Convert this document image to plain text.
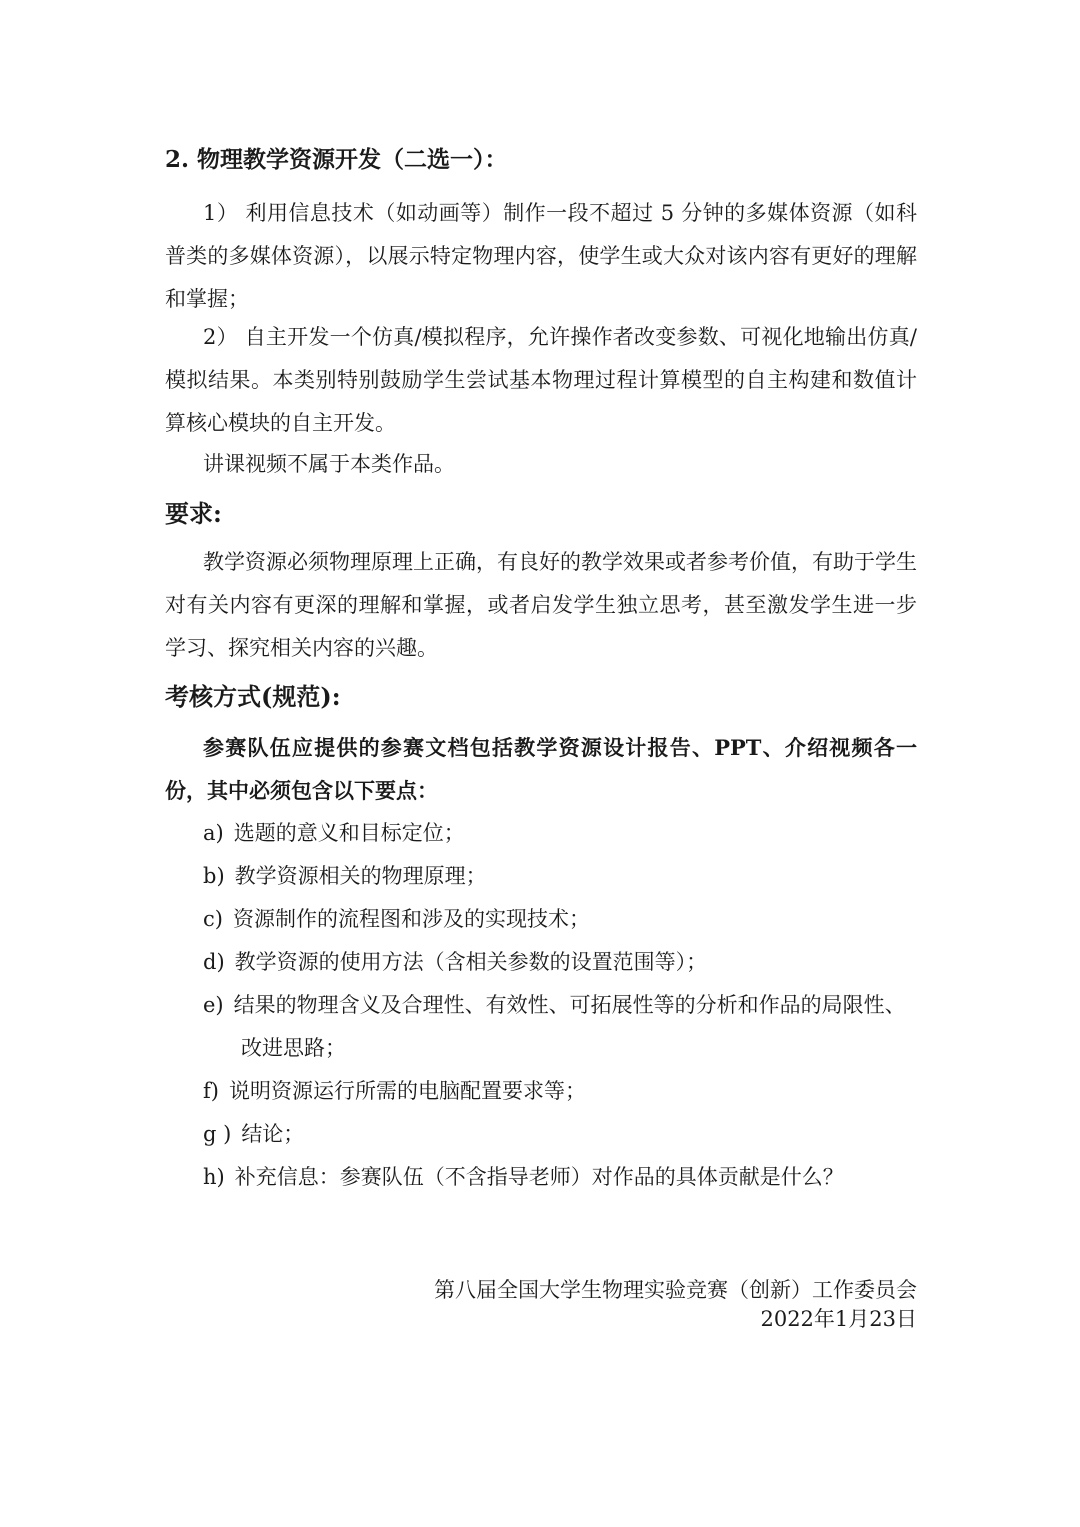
2. 物理教学资源开发（二选一）：

1） 利用信息技术（如动画等）制作一段不超过 5 分钟的多媒体资源（如科普类的多媒体资源），以展示特定物理内容，使学生或大众对该内容有更好的理解和掌握；

2） 自主开发一个仿真/模拟程序，允许操作者改变参数、可视化地输出仿真/模拟结果。本类别特别鼓励学生尝试基本物理过程计算模型的自主构建和数值计算核心模块的自主开发。

讲课视频不属于本类作品。

要求:

教学资源必须物理原理上正确，有良好的教学效果或者参考价值，有助于学生对有关内容有更深的理解和掌握，或者启发学生独立思考，甚至激发学生进一步学习、探究相关内容的兴趣。

考核方式(规范):

参赛队伍应提供的参赛文档包括教学资源设计报告、PPT、介绍视频各一份，其中必须包含以下要点：

a) 选题的意义和目标定位；
b) 教学资源相关的物理原理；
c) 资源制作的流程图和涉及的实现技术；
d) 教学资源的使用方法（含相关参数的设置范围等）；
e) 结果的物理含义及合理性、有效性、可拓展性等的分析和作品的局限性、改进思路；
f) 说明资源运行所需的电脑配置要求等；
g ) 结论；
h) 补充信息：参赛队伍（不含指导老师）对作品的具体贡献是什么？
第八届全国大学生物理实验竞赛（创新）工作委员会
2022年1月23日
